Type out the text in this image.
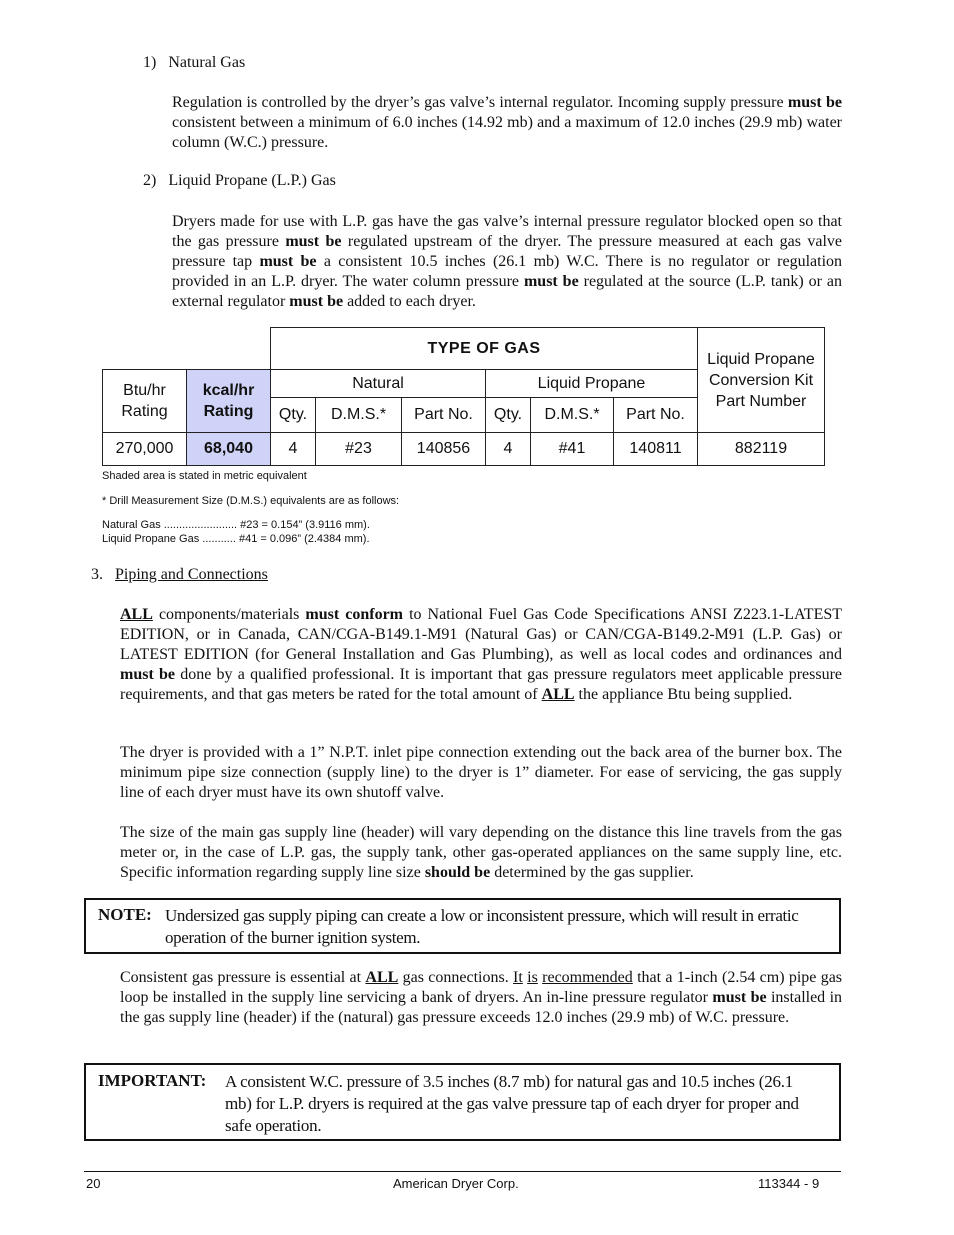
1) Natural Gas
Regulation is controlled by the dryer’s gas valve’s internal regulator. Incoming supply pressure must be consistent between a minimum of 6.0 inches (14.92 mb) and a maximum of 12.0 inches (29.9 mb) water column (W.C.) pressure.
2) Liquid Propane (L.P.) Gas
Dryers made for use with L.P. gas have the gas valve’s internal pressure regulator blocked open so that the gas pressure must be regulated upstream of the dryer. The pressure measured at each gas valve pressure tap must be a consistent 10.5 inches (26.1 mb) W.C. There is no regulator or regulation provided in an L.P. dryer. The water column pressure must be regulated at the source (L.P. tank) or an external regulator must be added to each dryer.
		TYPE OF GAS						Liquid Propane Conversion Kit Part Number
Btu/hr Rating	kcal/hr Rating	Natural			Liquid Propane			
		Qty.	D.M.S.*	Part No.	Qty.	D.M.S.*	Part No.	
270,000	68,040	4	#23	140856	4	#41	140811	882119
Shaded area is stated in metric equivalent
* Drill Measurement Size (D.M.S.) equivalents are as follows:
Natural Gas ........................ #23 = 0.154” (3.9116 mm).
Liquid Propane Gas ........... #41 = 0.096” (2.4384 mm).
3. Piping and Connections
ALL components/materials must conform to National Fuel Gas Code Specifications ANSI Z223.1-LATEST EDITION, or in Canada, CAN/CGA-B149.1-M91 (Natural Gas) or CAN/CGA-B149.2-M91 (L.P. Gas) or LATEST EDITION (for General Installation and Gas Plumbing), as well as local codes and ordinances and must be done by a qualified professional. It is important that gas pressure regulators meet applicable pressure requirements, and that gas meters be rated for the total amount of ALL the appliance Btu being supplied.
The dryer is provided with a 1” N.P.T. inlet pipe connection extending out the back area of the burner box. The minimum pipe size connection (supply line) to the dryer is 1” diameter. For ease of servicing, the gas supply line of each dryer must have its own shutoff valve.
The size of the main gas supply line (header) will vary depending on the distance this line travels from the gas meter or, in the case of L.P. gas, the supply tank, other gas-operated appliances on the same supply line, etc. Specific information regarding supply line size should be determined by the gas supplier.
NOTE: Undersized gas supply piping can create a low or inconsistent pressure, which will result in erratic operation of the burner ignition system.
Consistent gas pressure is essential at ALL gas connections. It is recommended that a 1-inch (2.54 cm) pipe gas loop be installed in the supply line servicing a bank of dryers. An in-line pressure regulator must be installed in the gas supply line (header) if the (natural) gas pressure exceeds 12.0 inches (29.9 mb) of W.C. pressure.
IMPORTANT: A consistent W.C. pressure of 3.5 inches (8.7 mb) for natural gas and 10.5 inches (26.1 mb) for L.P. dryers is required at the gas valve pressure tap of each dryer for proper and safe operation.
20	American Dryer Corp.	113344 - 9
